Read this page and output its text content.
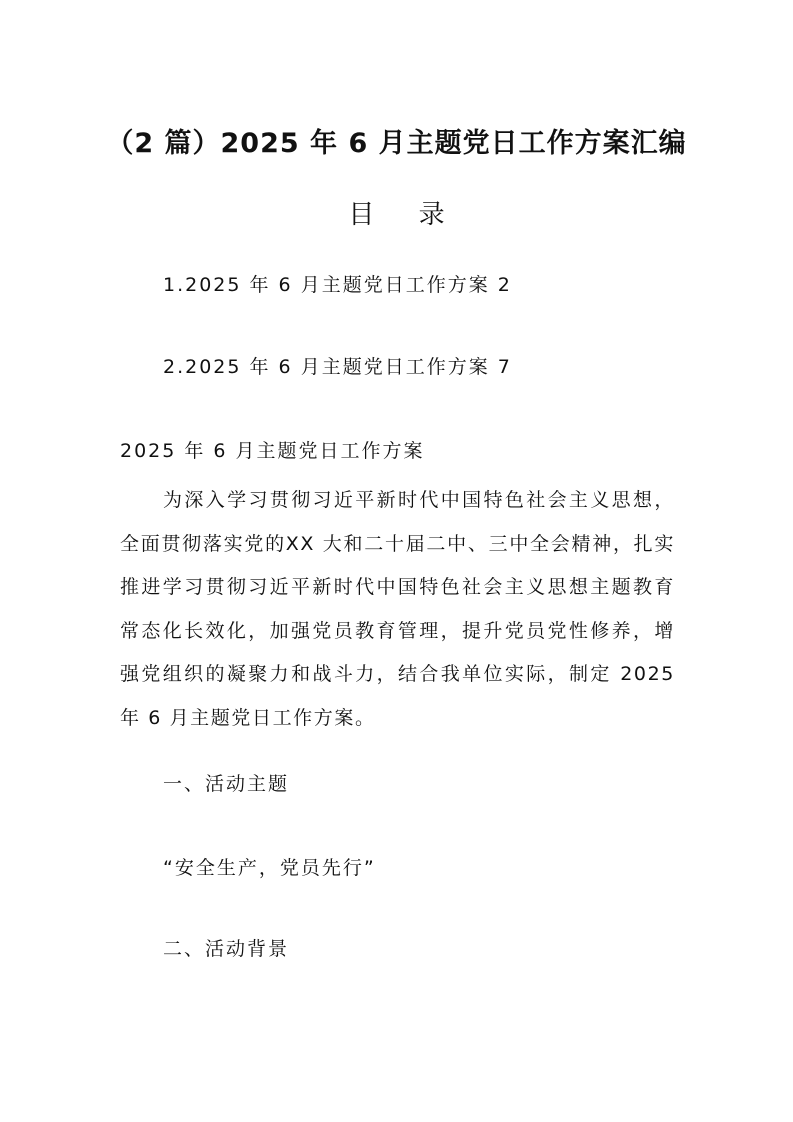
（2 篇）2025 年 6 月主题党日工作方案汇编
目 录
1.2025 年 6 月主题党日工作方案 2
2.2025 年 6 月主题党日工作方案 7
2025 年 6 月主题党日工作方案

为深入学习贯彻习近平新时代中国特色社会主义思想，全面贯彻落实党的XX 大和二十届二中、三中全会精神，扎实推进学习贯彻习近平新时代中国特色社会主义思想主题教育常态化长效化，加强党员教育管理，提升党员党性修养，增强党组织的凝聚力和战斗力，结合我单位实际，制定 2025 年 6 月主题党日工作方案。

一、活动主题
“安全生产，党员先行”
二、活动背景
